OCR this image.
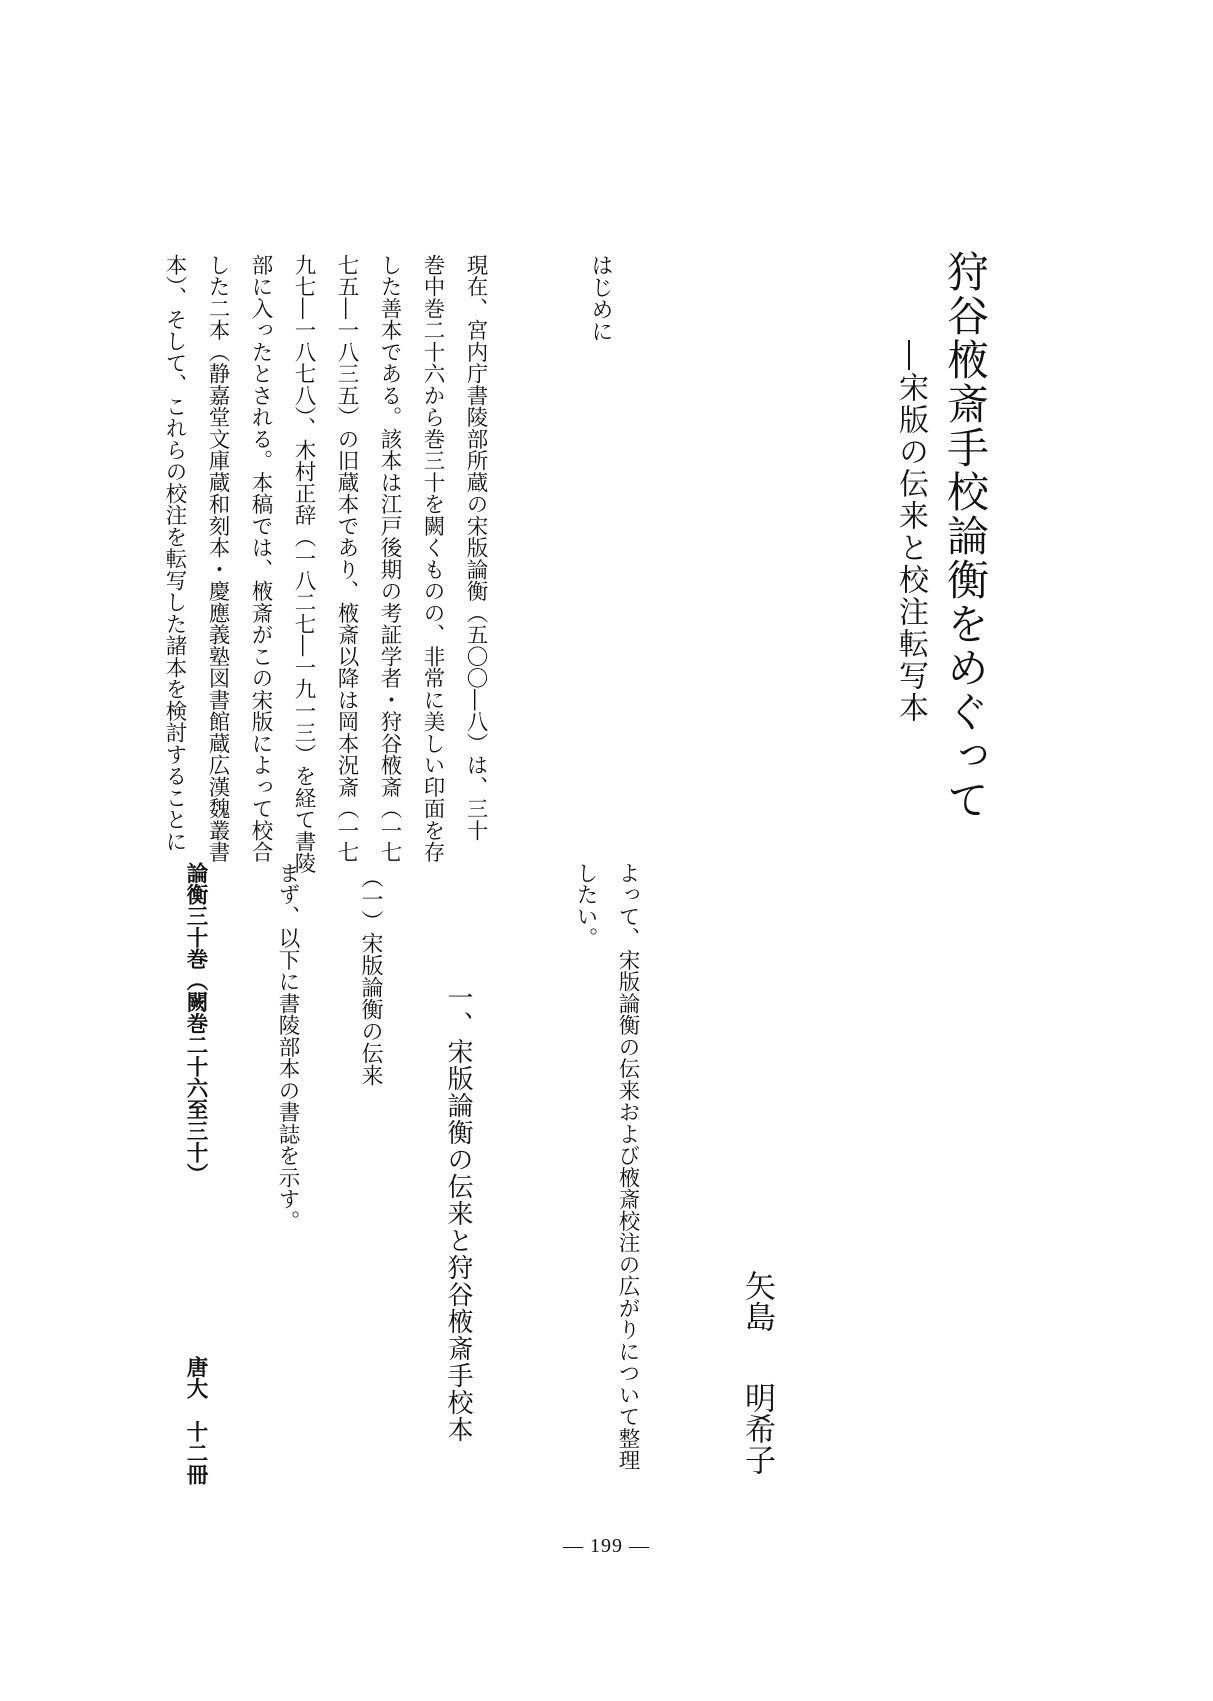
狩谷棭斎手校論衡をめぐって
―宋版の伝来と校注転写本
矢島明希子
はじめに
現在、宮内庁書陵部所蔵の宋版論衡（五〇〇―八）は、三十
巻中巻二十六から巻三十を闕くものの、非常に美しい印面を存
した善本である。該本は江戸後期の考証学者・狩谷棭斎（一七
七五―一八三五）の旧蔵本であり、棭斎以降は岡本況斎（一七
九七―一八七八）、木村正辞（一八二七―一九一三）を経て書陵
部に入ったとされる。本稿では、棭斎がこの宋版によって校合
した二本（静嘉堂文庫蔵和刻本・慶應義塾図書館蔵広漢魏叢書
本）、そして、これらの校注を転写した諸本を検討することに
よって、宋版論衡の伝来および棭斎校注の広がりについて整理
したい。
一、宋版論衡の伝来と狩谷棭斎手校本
（一）宋版論衡の伝来
まず、以下に書陵部本の書誌を示す。
論衡三十巻（闕巻二十六至三十）
唐大　十二冊
— 199 —
